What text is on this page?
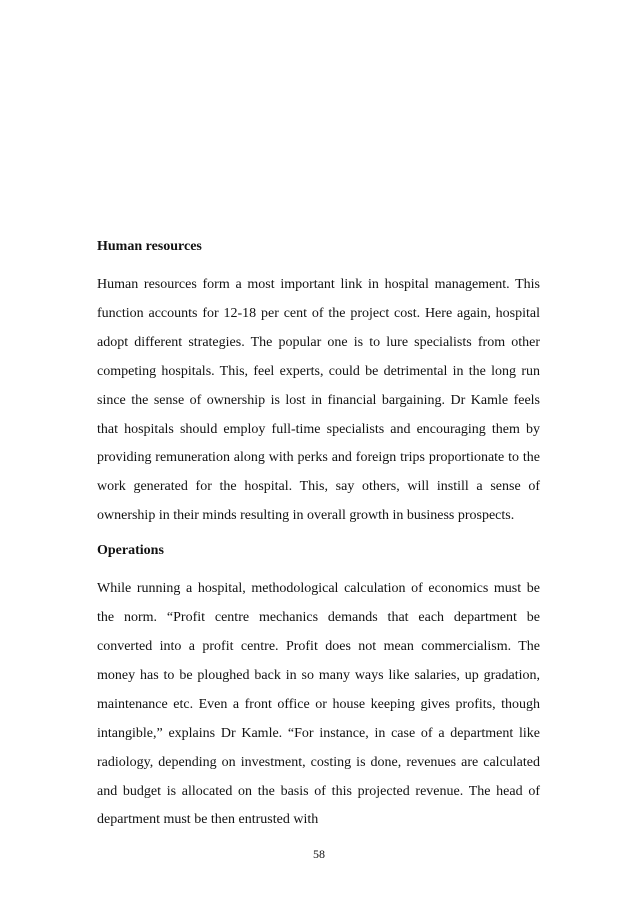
Human resources

Human resources form a most important link in hospital management. This function accounts for 12-18 per cent of the project cost. Here again, hospital adopt different strategies. The popular one is to lure specialists from other competing hospitals. This, feel experts, could be detrimental in the long run since the sense of ownership is lost in financial bargaining. Dr Kamle feels that hospitals should employ full-time specialists and encouraging them by providing remuneration along with perks and foreign trips proportionate to the work generated for the hospital. This, say others, will instill a sense of ownership in their minds resulting in overall growth in business prospects.

Operations

While running a hospital, methodological calculation of economics must be the norm. “Profit centre mechanics demands that each department be converted into a profit centre. Profit does not mean commercialism. The money has to be ploughed back in so many ways like salaries, up gradation, maintenance etc. Even a front office or house keeping gives profits, though intangible,” explains Dr Kamle. “For instance, in case of a department like radiology, depending on investment, costing is done, revenues are calculated and budget is allocated on the basis of this projected revenue. The head of department must be then entrusted with

58
